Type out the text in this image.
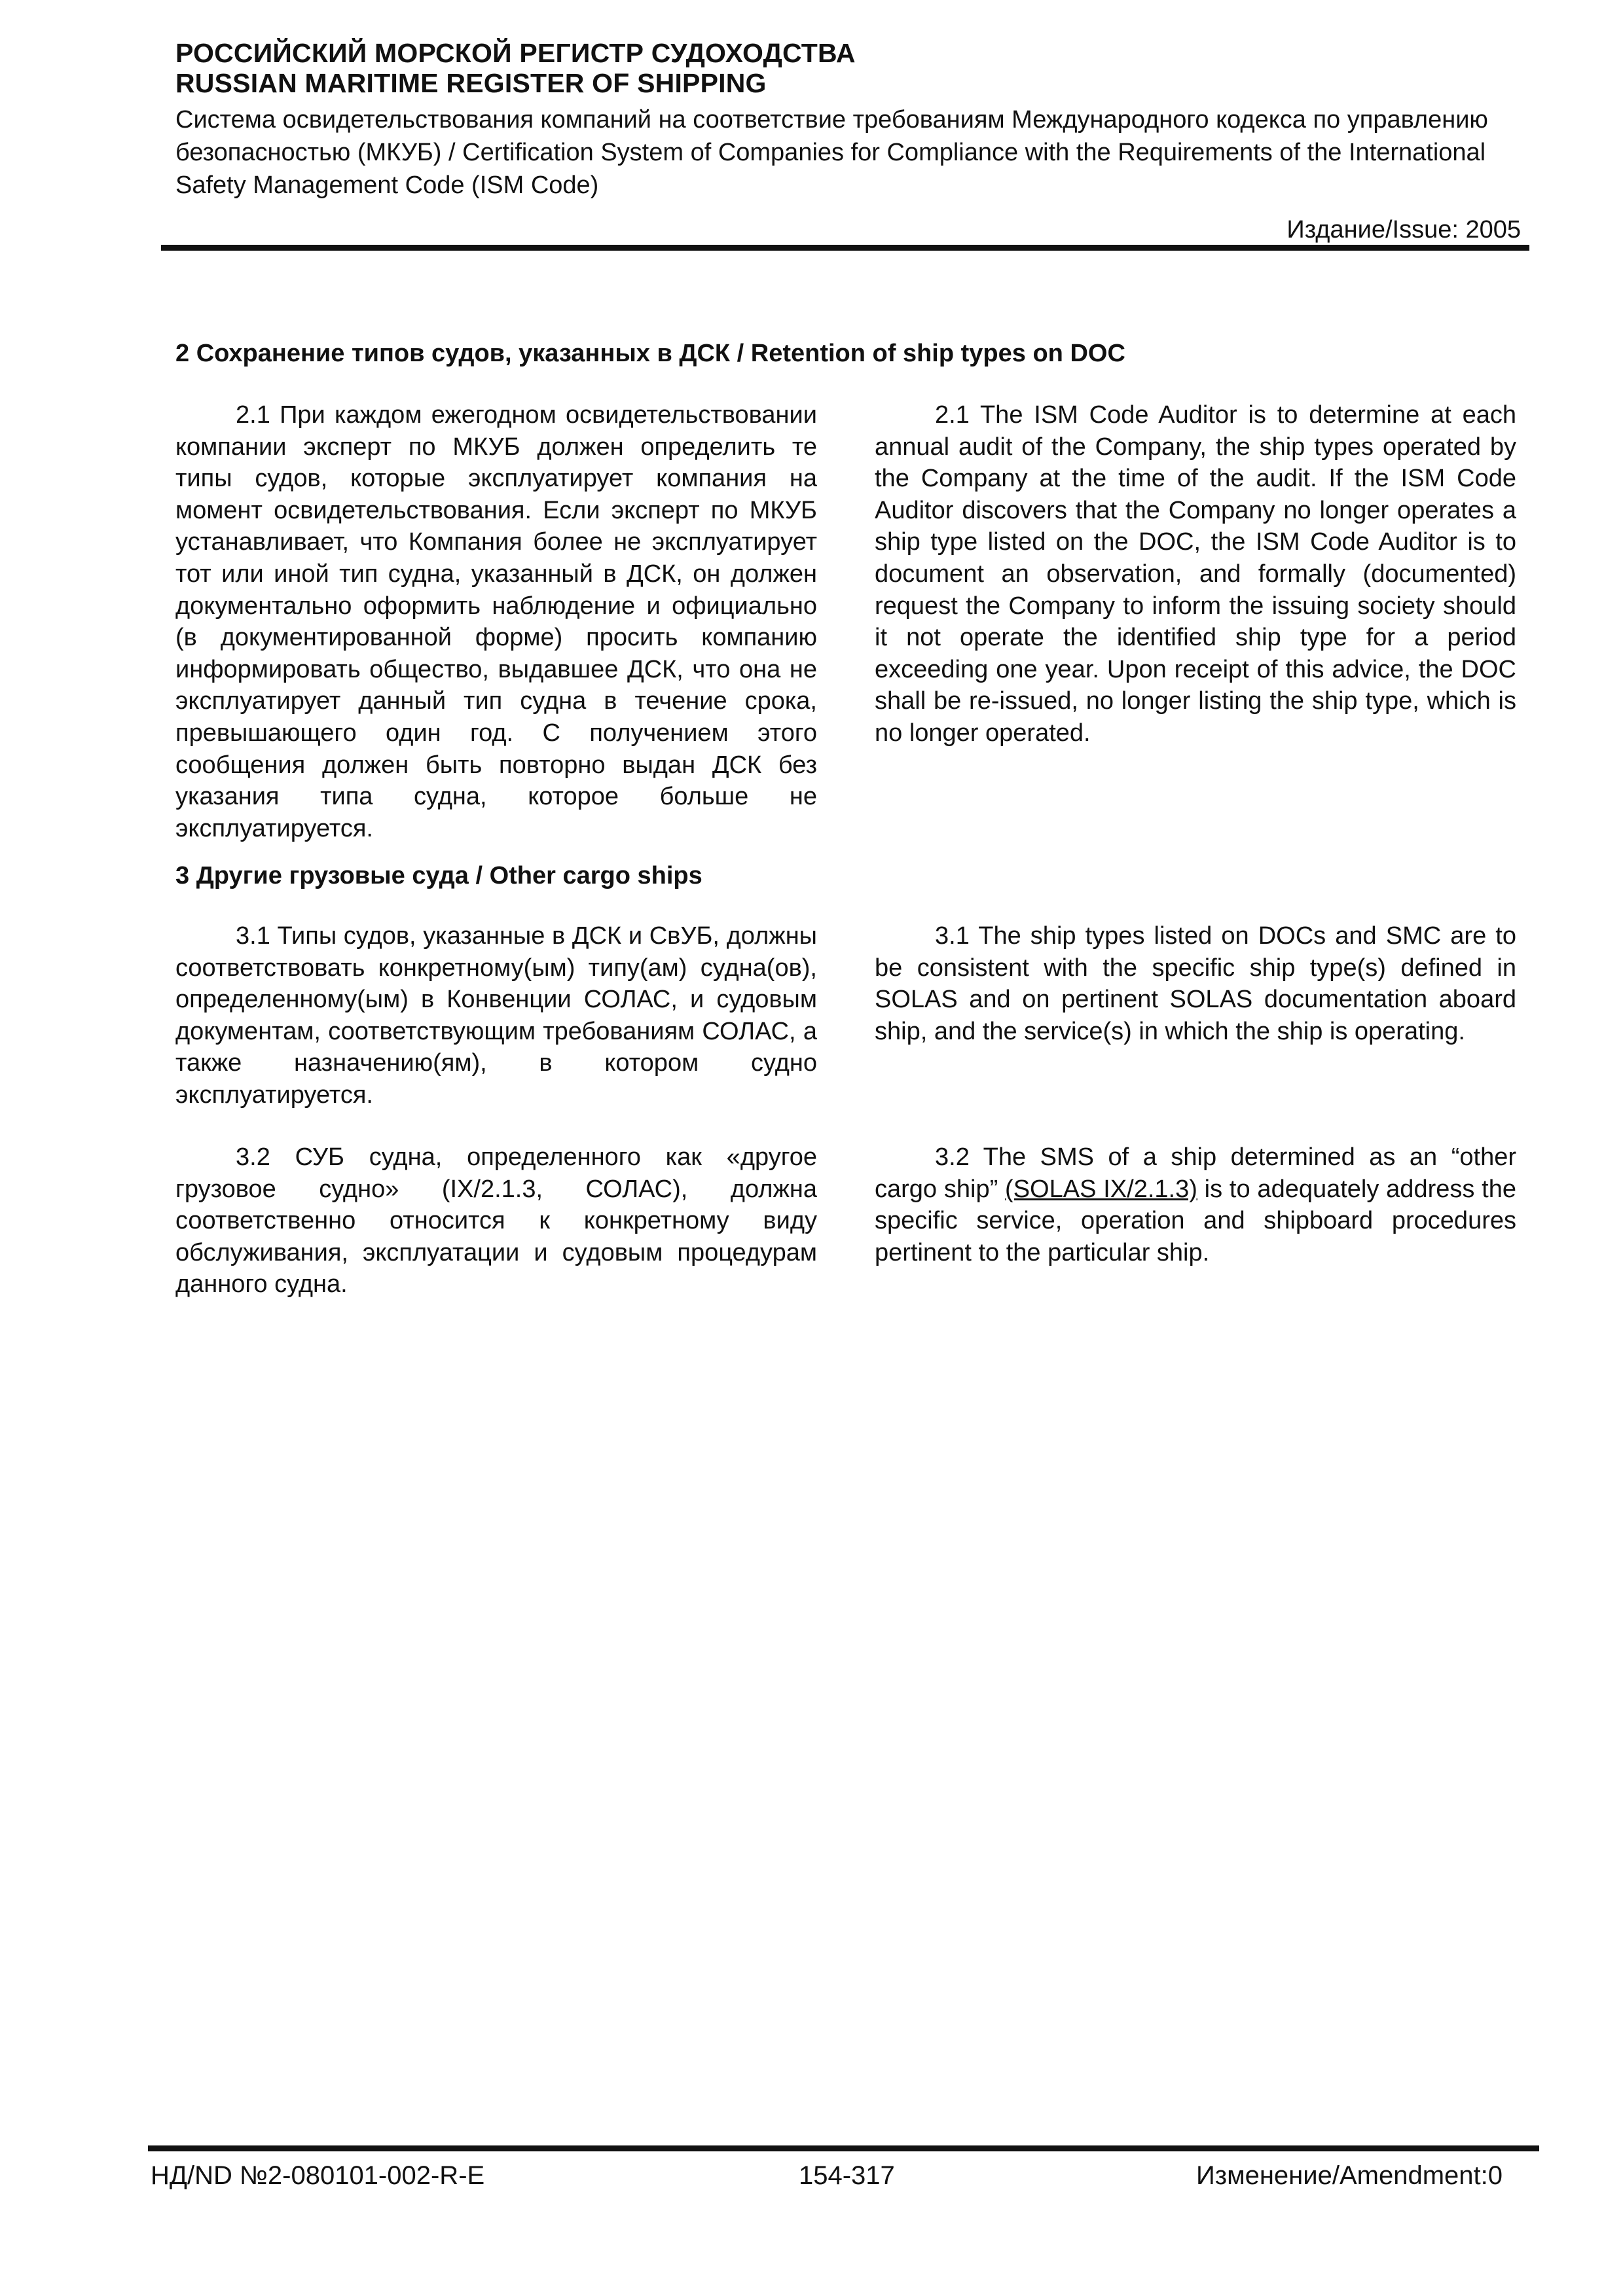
РОССИЙСКИЙ МОРСКОЙ РЕГИСТР СУДОХОДСТВА

RUSSIAN MARITIME REGISTER OF SHIPPING

Система освидетельствования компаний на соответствие требованиям Международного кодекса по управлению безопасностью (МКУБ) / Certification System of Companies for Compliance with the Requirements of the International Safety Management Code (ISM Code)

Издание/Issue: 2005

2 Сохранение типов судов, указанных в ДСК / Retention of ship types on DOC

2.1 При каждом ежегодном освидетельствовании компании эксперт по МКУБ должен определить те типы судов, которые эксплуатирует компания на момент освидетельствования. Если эксперт по МКУБ устанавливает, что Компания более не эксплуатирует тот или иной тип судна, указанный в ДСК, он должен документально оформить наблюдение и официально (в документированной форме) просить компанию информировать общество, выдавшее ДСК, что она не эксплуатирует данный тип судна в течение срока, превышающего один год. С получением этого сообщения должен быть повторно выдан ДСК без указания типа судна, которое больше не эксплуатируется.

2.1 The ISM Code Auditor is to determine at each annual audit of the Company, the ship types operated by the Company at the time of the audit. If the ISM Code Auditor discovers that the Company no longer operates a ship type listed on the DOC, the ISM Code Auditor is to document an observation, and formally (documented) request the Company to inform the issuing society should it not operate the identified ship type for a period exceeding one year. Upon receipt of this advice, the DOC shall be re-issued, no longer listing the ship type, which is no longer operated.

3 Другие грузовые суда / Other cargo ships

3.1 Типы судов, указанные в ДСК и СвУБ, должны соответствовать конкретному(ым) типу(ам) судна(ов), определенному(ым) в Конвенции СОЛАС, и судовым документам, соответствующим требованиям СОЛАС, а также назначению(ям), в котором судно эксплуатируется.

3.1 The ship types listed on DOCs and SMC are to be consistent with the specific ship type(s) defined in SOLAS and on pertinent SOLAS documentation aboard ship, and the service(s) in which the ship is operating.

3.2 СУБ судна, определенного как «другое грузовое судно» (IX/2.1.3, СОЛАС), должна соответственно относится к конкретному виду обслуживания, эксплуатации и судовым процедурам данного судна.

3.2 The SMS of a ship determined as an “other cargo ship” (SOLAS IX/2.1.3) is to adequately address the specific service, operation and shipboard procedures pertinent to the particular ship.

НД/ND №2-080101-002-R-E	154-317	Изменение/Amendment:0
